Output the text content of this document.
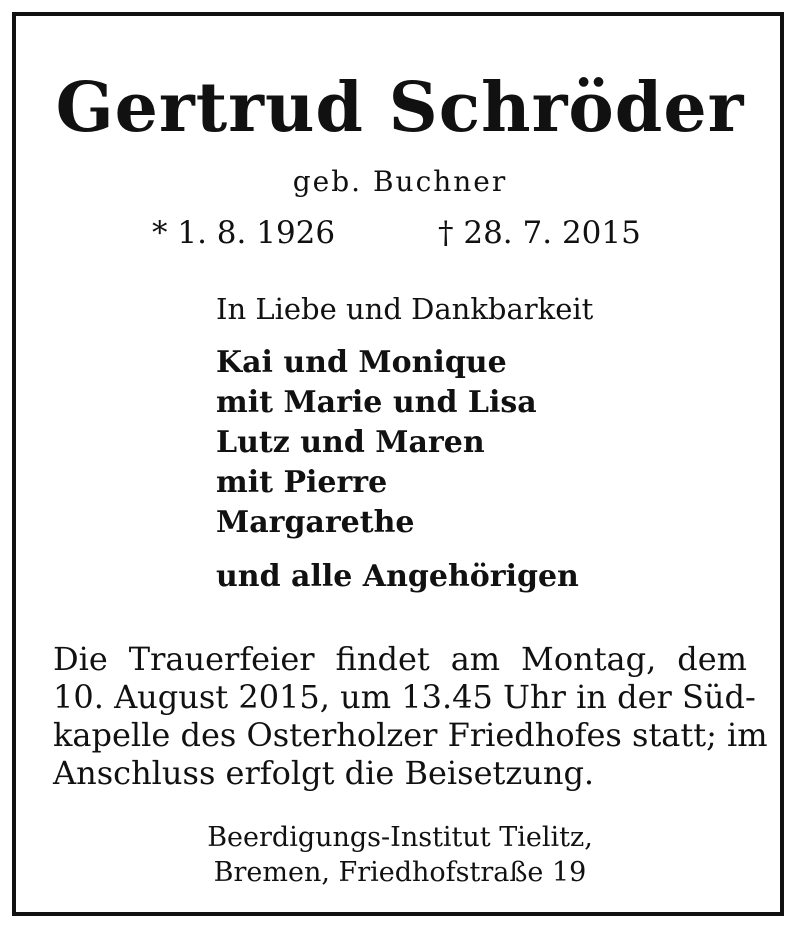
Gertrud Schröder
geb. Buchner
* 1. 8. 1926	† 28. 7. 2015
In Liebe und Dankbarkeit
Kai und Monique
mit Marie und Lisa
Lutz und Maren
mit Pierre
Margarethe
und alle Angehörigen
Die Trauerfeier findet am Montag, dem
10. August 2015, um 13.45 Uhr in der Süd-
kapelle des Osterholzer Friedhofes statt; im
Anschluss erfolgt die Beisetzung.
Beerdigungs-Institut Tielitz,
Bremen, Friedhofstraße 19
